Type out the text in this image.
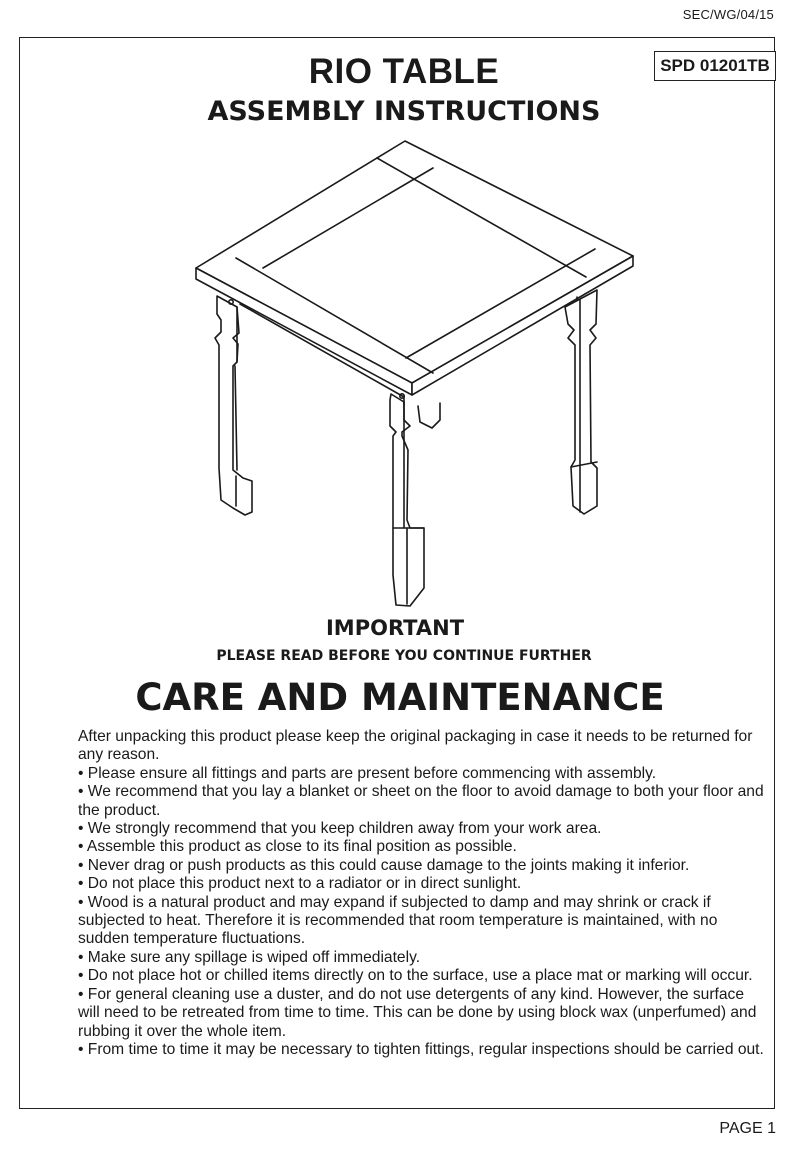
SEC/WG/04/15
SPD 01201TB
RIO TABLE
ASSEMBLY INSTRUCTIONS
IMPORTANT
PLEASE READ BEFORE YOU CONTINUE FURTHER
CARE AND MAINTENANCE

After unpacking this product please keep the original packaging in case it needs to be returned for any reason.

• Please ensure all fittings and parts are present before commencing with assembly.

• We recommend that you lay a blanket or sheet on the floor to avoid damage to both your floor and the product.

• We strongly recommend that you keep children away from your work area.

• Assemble this product as close to its final position as possible.

• Never drag or push products as this could cause damage to the joints making it inferior.

• Do not place this product next to a radiator or in direct sunlight.

• Wood is a natural product and may expand if subjected to damp and may shrink or crack if subjected to heat. Therefore it is recommended that room temperature is maintained, with no sudden temperature fluctuations.

• Make sure any spillage is wiped off immediately.

• Do not place hot or chilled items directly on to the surface, use a place mat or marking will occur.

• For general cleaning use a duster, and do not use detergents of any kind. However, the surface will need to be retreated from time to time. This can be done by using block wax (unperfumed) and rubbing it over the whole item.

• From time to time it may be necessary to tighten fittings, regular inspections should be carried out.

PAGE 1
